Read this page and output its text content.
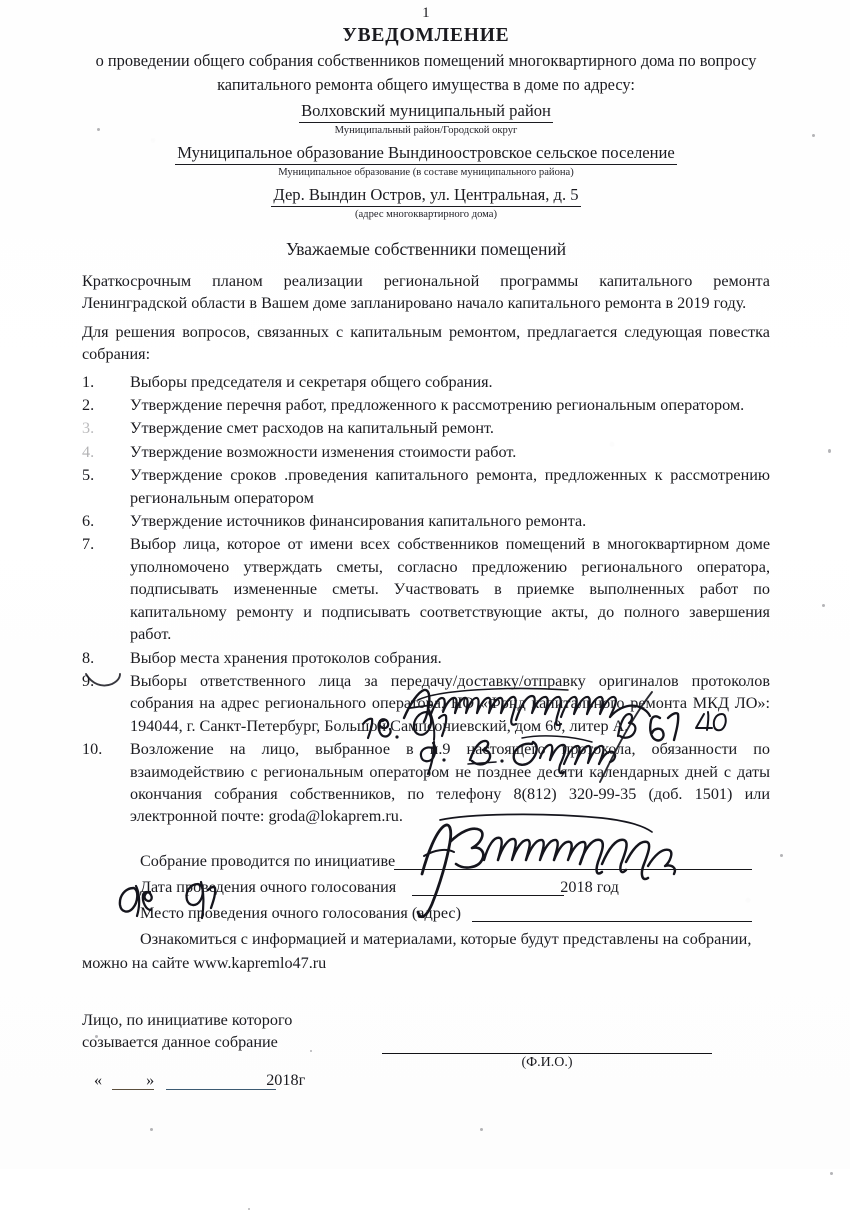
1
УВЕДОМЛЕНИЕ
о проведении общего собрания собственников помещений многоквартирного дома по вопросу
капитального ремонта общего имущества в доме по адресу:
Волховский муниципальный район
Муниципальный район/Городской округ
Муниципальное образование Вындиноостровское сельское поселение
Муниципальное образование (в составе муниципального района)
Дер. Вындин Остров, ул. Центральная, д. 5
(адрес многоквартирного дома)
Уважаемые собственники помещений
Краткосрочным планом реализации региональной программы капитального ремонта Ленинградской области в Вашем доме запланировано начало капитального ремонта в 2019 году.
Для решения вопросов, связанных с капитальным ремонтом, предлагается следующая повестка собрания:
1.	Выборы председателя и секретаря общего собрания.
2.	Утверждение перечня работ, предложенного к рассмотрению региональным оператором.
3.	Утверждение смет расходов на капитальный ремонт.
4.	Утверждение возможности изменения стоимости работ.
5.	Утверждение сроков .проведения капитального ремонта, предложенных к рассмотрению региональным оператором
6.	Утверждение источников финансирования капитального ремонта.
7.	Выбор лица, которое от имени всех собственников помещений в многоквартирном доме уполномочено утверждать сметы, согласно предложению регионального оператора, подписывать измененные сметы. Участвовать в приемке выполненных работ по капитальному ремонту и подписывать соответствующие акты, до полного завершения работ.
8.	Выбор места хранения протоколов собрания.
9.	Выборы ответственного лица за передачу/доставку/отправку оригиналов протоколов собрания на адрес регионального оператора, НО «Фонд капитального ремонта МКД ЛО»: 194044, г. Санкт-Петербург, Большой Сампсониевский, дом 60, литер А.
10.	Возложение на лицо, выбранное в п.9 настоящего протокола, обязанности по взаимодействию с региональным оператором не позднее десяти календарных дней с даты окончания собрания собственников, по телефону 8(812) 320-99-35 (доб. 1501) или электронной почте: groda@lokaprem.ru.
Собрание проводится по инициативе
Дата проведения очного голосования	2018 год
Место проведения очного голосования (адрес)
Ознакомиться с информацией и материалами, которые будут представлены на собрании,
можно на сайте www.kapremlo47.ru
Лицо, по инициативе которого
созывается данное собрание
(Ф.И.О.)
«	»	2018г
